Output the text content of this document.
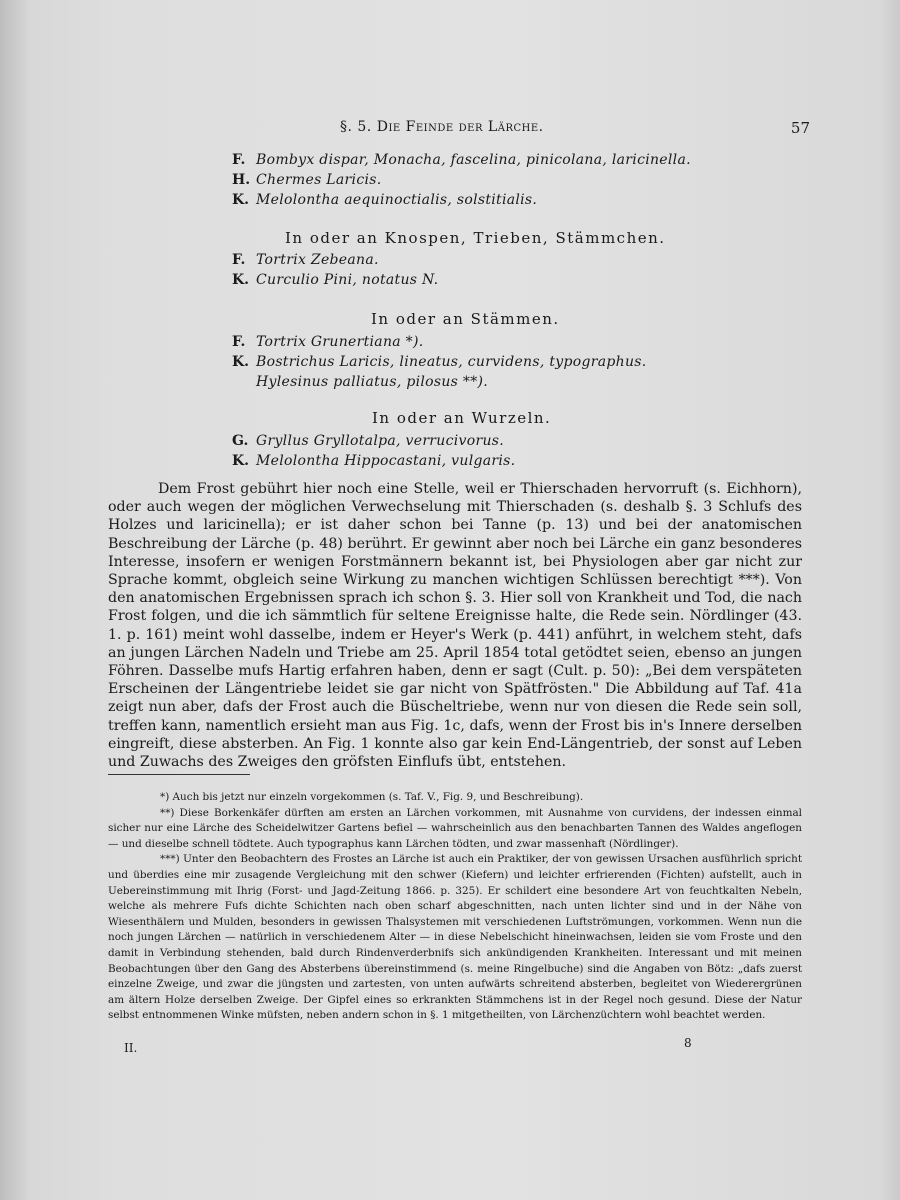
§. 5. Die Feinde der Lärche.	57
F. Bombyx dispar, Monacha, fascelina, pinicolana, laricinella.
H. Chermes Laricis.
K. Melolontha aequinoctialis, solstitialis.
In oder an Knospen, Trieben, Stämmchen.
F. Tortrix Zebeana.
K. Curculio Pini, notatus N.
In oder an Stämmen.
F. Tortrix Grunertiana *).
K. Bostrichus Laricis, lineatus, curvidens, typographus.
Hylesinus palliatus, pilosus **).
In oder an Wurzeln.
G. Gryllus Gryllotalpa, verrucivorus.
K. Melolontha Hippocastani, vulgaris.

Dem Frost gebührt hier noch eine Stelle, weil er Thierschaden hervorruft (s. Eichhorn), oder auch wegen der möglichen Verwechselung mit Thierschaden (s. deshalb §. 3 Schlufs des Holzes und laricinella); er ist daher schon bei Tanne (p. 13) und bei der anatomischen Beschreibung der Lärche (p. 48) berührt. Er gewinnt aber noch bei Lärche ein ganz besonderes Interesse, insofern er wenigen Forstmännern bekannt ist, bei Physiologen aber gar nicht zur Sprache kommt, obgleich seine Wirkung zu manchen wichtigen Schlüssen berechtigt ***). Von den anatomischen Ergebnissen sprach ich schon §. 3. Hier soll von Krankheit und Tod, die nach Frost folgen, und die ich sämmtlich für seltene Ereignisse halte, die Rede sein. Nördlinger (43. 1. p. 161) meint wohl dasselbe, indem er Heyer's Werk (p. 441) anführt, in welchem steht, dafs an jungen Lärchen Nadeln und Triebe am 25. April 1854 total getödtet seien, ebenso an jungen Föhren. Dasselbe mufs Hartig erfahren haben, denn er sagt (Cult. p. 50): „Bei dem verspäteten Erscheinen der Längentriebe leidet sie gar nicht von Spätfrösten." Die Abbildung auf Taf. 41a zeigt nun aber, dafs der Frost auch die Büscheltriebe, wenn nur von diesen die Rede sein soll, treffen kann, namentlich ersieht man aus Fig. 1c, dafs, wenn der Frost bis in's Innere derselben eingreift, diese absterben. An Fig. 1 konnte also gar kein End-Längentrieb, der sonst auf Leben und Zuwachs des Zweiges den gröfsten Einflufs übt, entstehen.

*) Auch bis jetzt nur einzeln vorgekommen (s. Taf. V., Fig. 9, und Beschreibung).

**) Diese Borkenkäfer dürften am ersten an Lärchen vorkommen, mit Ausnahme von curvidens, der indessen einmal sicher nur eine Lärche des Scheidelwitzer Gartens befiel — wahrscheinlich aus den benachbarten Tannen des Waldes angeflogen — und dieselbe schnell tödtete. Auch typographus kann Lärchen tödten, und zwar massenhaft (Nördlinger).

***) Unter den Beobachtern des Frostes an Lärche ist auch ein Praktiker, der von gewissen Ursachen ausführlich spricht und überdies eine mir zusagende Vergleichung mit den schwer (Kiefern) und leichter erfrierenden (Fichten) aufstellt, auch in Uebereinstimmung mit Ihrig (Forst- und Jagd-Zeitung 1866. p. 325). Er schildert eine besondere Art von feuchtkalten Nebeln, welche als mehrere Fufs dichte Schichten nach oben scharf abgeschnitten, nach unten lichter sind und in der Nähe von Wiesenthälern und Mulden, besonders in gewissen Thalsystemen mit verschiedenen Luftströmungen, vorkommen. Wenn nun die noch jungen Lärchen — natürlich in verschiedenem Alter — in diese Nebelschicht hineinwachsen, leiden sie vom Froste und den damit in Verbindung stehenden, bald durch Rindenverderbnifs sich ankündigenden Krankheiten. Interessant und mit meinen Beobachtungen über den Gang des Absterbens übereinstimmend (s. meine Ringelbuche) sind die Angaben von Bötz: „dafs zuerst einzelne Zweige, und zwar die jüngsten und zartesten, von unten aufwärts schreitend absterben, begleitet von Wiederergrünen am ältern Holze derselben Zweige. Der Gipfel eines so erkrankten Stämmchens ist in der Regel noch gesund. Diese der Natur selbst entnommenen Winke müfsten, neben andern schon in §. 1 mitgetheilten, von Lärchenzüchtern wohl beachtet werden.

II.	8
